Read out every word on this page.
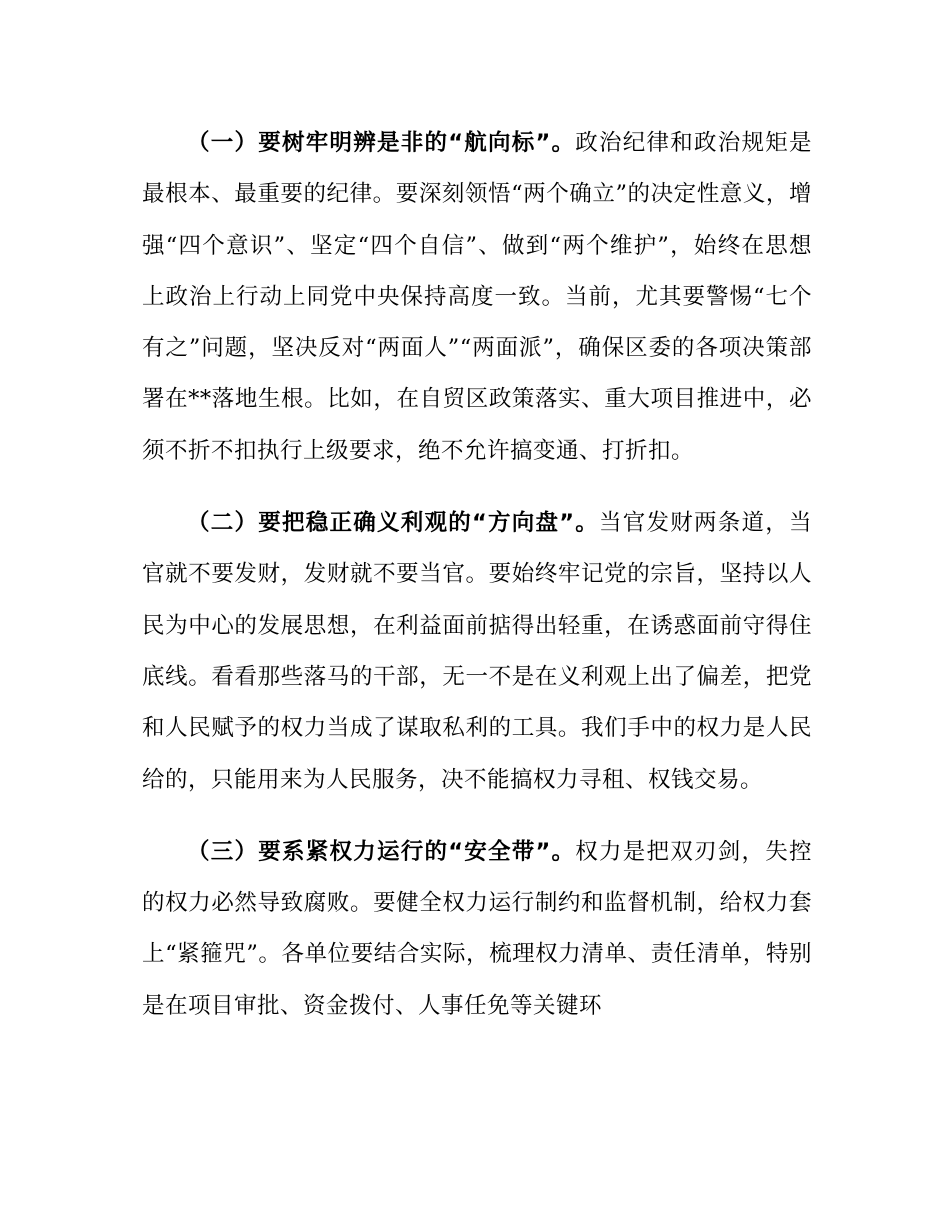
（一）要树牢明辨是非的“航向标”。政治纪律和政治规矩是最根本、最重要的纪律。要深刻领悟“两个确立”的决定性意义，增强“四个意识”、坚定“四个自信”、做到“两个维护”，始终在思想上政治上行动上同党中央保持高度一致。当前，尤其要警惕“七个有之”问题，坚决反对“两面人”“两面派”，确保区委的各项决策部署在**落地生根。比如，在自贸区政策落实、重大项目推进中，必须不折不扣执行上级要求，绝不允许搞变通、打折扣。

（二）要把稳正确义利观的“方向盘”。当官发财两条道，当官就不要发财，发财就不要当官。要始终牢记党的宗旨，坚持以人民为中心的发展思想，在利益面前掂得出轻重，在诱惑面前守得住底线。看看那些落马的干部，无一不是在义利观上出了偏差，把党和人民赋予的权力当成了谋取私利的工具。我们手中的权力是人民给的，只能用来为人民服务，决不能搞权力寻租、权钱交易。

（三）要系紧权力运行的“安全带”。权力是把双刃剑，失控的权力必然导致腐败。要健全权力运行制约和监督机制，给权力套上“紧箍咒”。各单位要结合实际，梳理权力清单、责任清单，特别是在项目审批、资金拨付、人事任免等关键环
